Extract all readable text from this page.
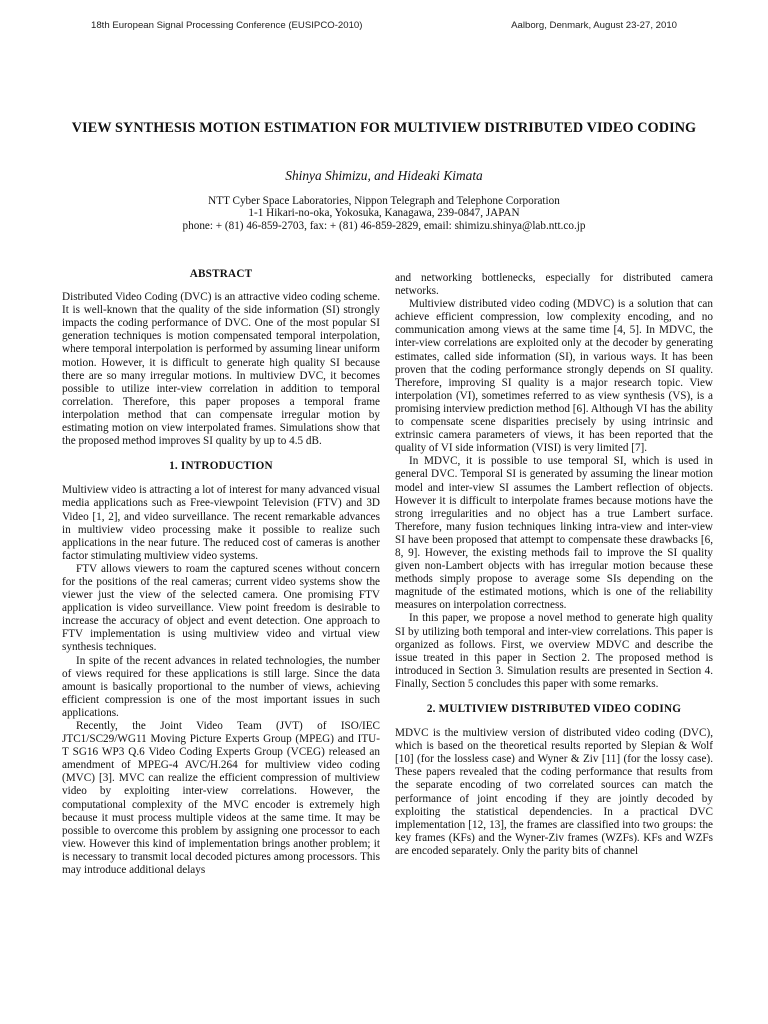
18th European Signal Processing Conference (EUSIPCO-2010)	Aalborg, Denmark, August 23-27, 2010
VIEW SYNTHESIS MOTION ESTIMATION FOR MULTIVIEW DISTRIBUTED VIDEO CODING
Shinya Shimizu, and Hideaki Kimata
NTT Cyber Space Laboratories, Nippon Telegraph and Telephone Corporation
1-1 Hikari-no-oka, Yokosuka, Kanagawa, 239-0847, JAPAN
phone: + (81) 46-859-2703, fax: + (81) 46-859-2829, email: shimizu.shinya@lab.ntt.co.jp
ABSTRACT

Distributed Video Coding (DVC) is an attractive video coding scheme. It is well-known that the quality of the side information (SI) strongly impacts the coding performance of DVC. One of the most popular SI generation techniques is motion compensated temporal interpolation, where temporal interpolation is performed by assuming linear uniform motion. However, it is difficult to generate high quality SI because there are so many irregular motions. In multiview DVC, it becomes possible to utilize inter-view correlation in addition to temporal correlation. Therefore, this paper proposes a temporal frame interpolation method that can compensate irregular motion by estimating motion on view interpolated frames. Simulations show that the proposed method improves SI quality by up to 4.5 dB.

1. INTRODUCTION

Multiview video is attracting a lot of interest for many advanced visual media applications such as Free-viewpoint Television (FTV) and 3D Video [1, 2], and video surveillance. The recent remarkable advances in multiview video processing make it possible to realize such applications in the near future. The reduced cost of cameras is another factor stimulating multiview video systems.

FTV allows viewers to roam the captured scenes without concern for the positions of the real cameras; current video systems show the viewer just the view of the selected camera. One promising FTV application is video surveillance. View point freedom is desirable to increase the accuracy of object and event detection. One approach to FTV implementation is using multiview video and virtual view synthesis techniques.

In spite of the recent advances in related technologies, the number of views required for these applications is still large. Since the data amount is basically proportional to the number of views, achieving efficient compression is one of the most important issues in such applications.

Recently, the Joint Video Team (JVT) of ISO/IEC JTC1/SC29/WG11 Moving Picture Experts Group (MPEG) and ITU-T SG16 WP3 Q.6 Video Coding Experts Group (VCEG) released an amendment of MPEG-4 AVC/H.264 for multiview video coding (MVC) [3]. MVC can realize the efficient compression of multiview video by exploiting inter-view correlations. However, the computational complexity of the MVC encoder is extremely high because it must process multiple videos at the same time. It may be possible to overcome this problem by assigning one processor to each view. However this kind of implementation brings another problem; it is necessary to transmit local decoded pictures among processors. This may introduce additional delays

and networking bottlenecks, especially for distributed camera networks.

Multiview distributed video coding (MDVC) is a solution that can achieve efficient compression, low complexity encoding, and no communication among views at the same time [4, 5]. In MDVC, the inter-view correlations are exploited only at the decoder by generating estimates, called side information (SI), in various ways. It has been proven that the coding performance strongly depends on SI quality. Therefore, improving SI quality is a major research topic. View interpolation (VI), sometimes referred to as view synthesis (VS), is a promising interview prediction method [6]. Although VI has the ability to compensate scene disparities precisely by using intrinsic and extrinsic camera parameters of views, it has been reported that the quality of VI side information (VISI) is very limited [7].

In MDVC, it is possible to use temporal SI, which is used in general DVC. Temporal SI is generated by assuming the linear motion model and inter-view SI assumes the Lambert reflection of objects. However it is difficult to interpolate frames because motions have the strong irregularities and no object has a true Lambert surface. Therefore, many fusion techniques linking intra-view and inter-view SI have been proposed that attempt to compensate these drawbacks [6, 8, 9]. However, the existing methods fail to improve the SI quality given non-Lambert objects with has irregular motion because these methods simply propose to average some SIs depending on the magnitude of the estimated motions, which is one of the reliability measures on interpolation correctness.

In this paper, we propose a novel method to generate high quality SI by utilizing both temporal and inter-view correlations. This paper is organized as follows. First, we overview MDVC and describe the issue treated in this paper in Section 2. The proposed method is introduced in Section 3. Simulation results are presented in Section 4. Finally, Section 5 concludes this paper with some remarks.

2. MULTIVIEW DISTRIBUTED VIDEO CODING

MDVC is the multiview version of distributed video coding (DVC), which is based on the theoretical results reported by Slepian & Wolf [10] (for the lossless case) and Wyner & Ziv [11] (for the lossy case). These papers revealed that the coding performance that results from the separate encoding of two correlated sources can match the performance of joint encoding if they are jointly decoded by exploiting the statistical dependencies. In a practical DVC implementation [12, 13], the frames are classified into two groups: the key frames (KFs) and the Wyner-Ziv frames (WZFs). KFs and WZFs are encoded separately. Only the parity bits of channel
